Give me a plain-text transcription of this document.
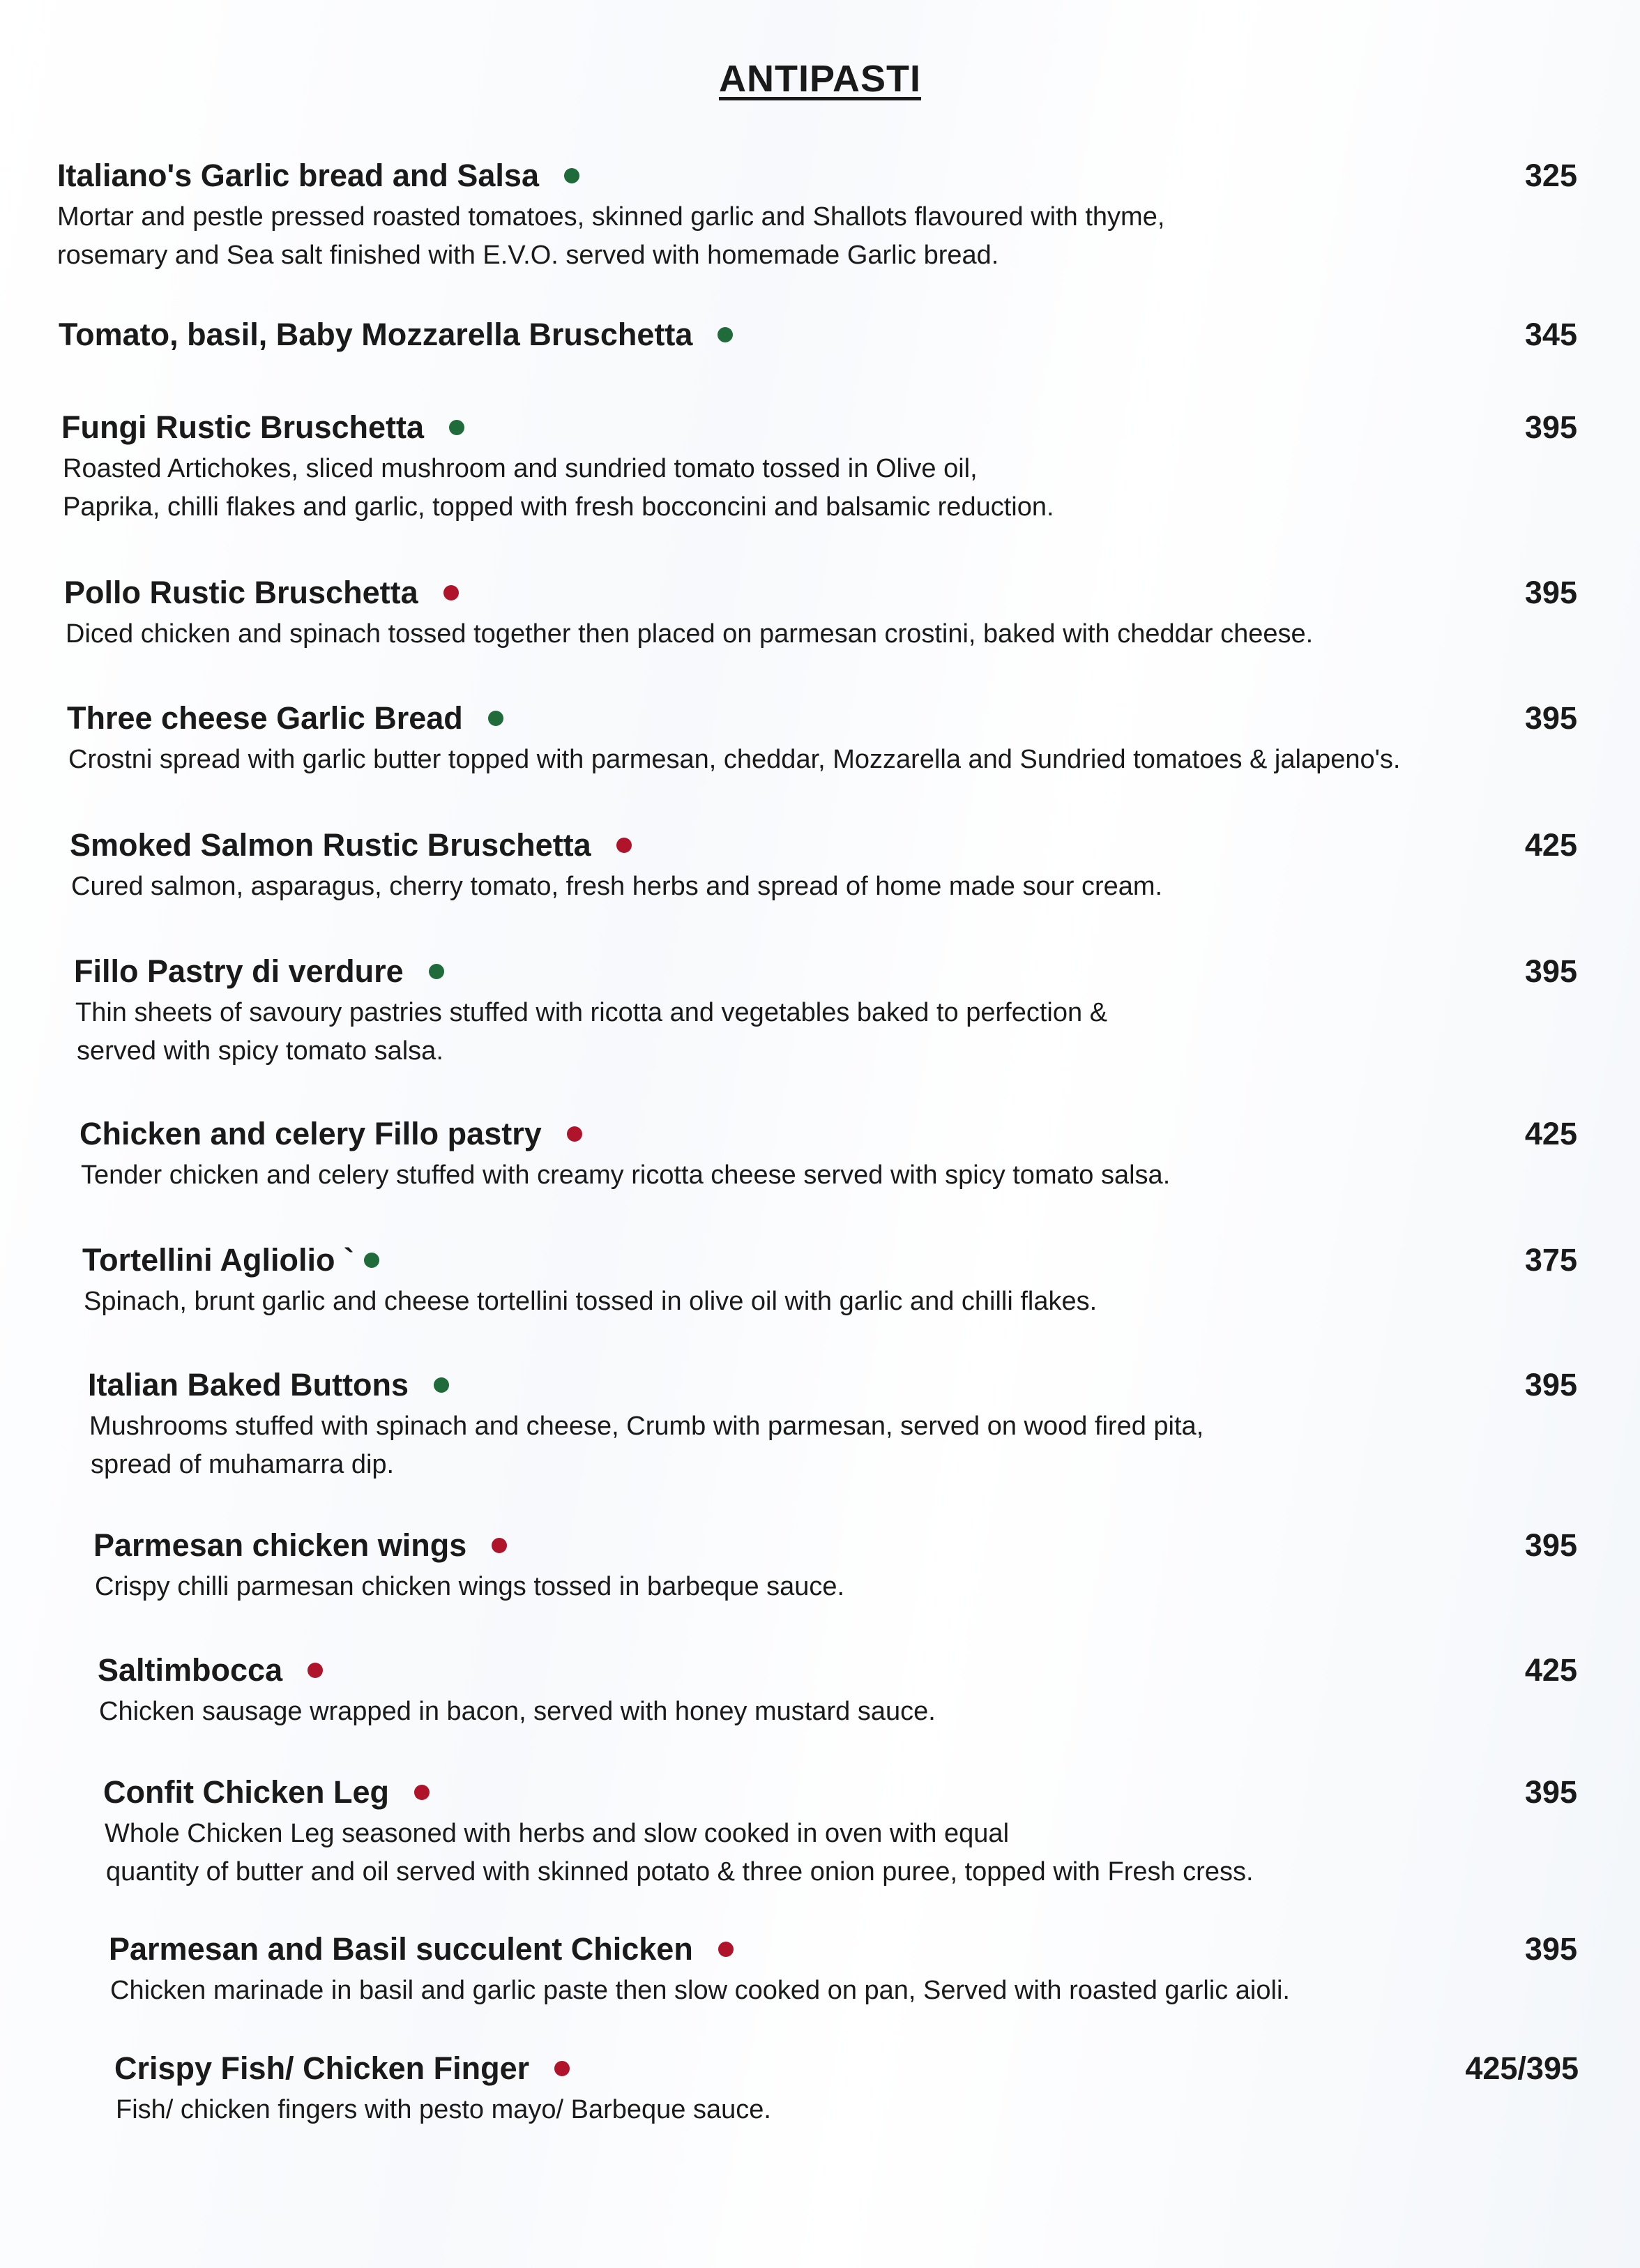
ANTIPASTI
Italiano's Garlic bread and Salsa	325
Mortar and pestle pressed roasted tomatoes, skinned garlic and Shallots flavoured with thyme,
rosemary and Sea salt finished with E.V.O. served with homemade Garlic bread.
Tomato, basil, Baby Mozzarella Bruschetta	345
Fungi Rustic Bruschetta	395
Roasted Artichokes, sliced mushroom and sundried tomato tossed in Olive oil,
Paprika, chilli flakes and garlic, topped with fresh bocconcini and balsamic reduction.
Pollo Rustic Bruschetta	395
Diced chicken and spinach tossed together then placed on parmesan crostini, baked with cheddar cheese.
Three cheese Garlic Bread	395
Crostni spread with garlic butter topped with parmesan, cheddar, Mozzarella and Sundried tomatoes & jalapeno's.
Smoked Salmon Rustic Bruschetta	425
Cured salmon, asparagus, cherry tomato, fresh herbs and spread of home made sour cream.
Fillo Pastry di verdure	395
Thin sheets of savoury pastries stuffed with ricotta and vegetables baked to perfection &
served with spicy tomato salsa.
Chicken and celery Fillo pastry	425
Tender chicken and celery stuffed with creamy ricotta cheese served with spicy tomato salsa.
Tortellini Agliolio `	375
Spinach, brunt garlic and cheese tortellini tossed in olive oil with garlic and chilli flakes.
Italian Baked Buttons	395
Mushrooms stuffed with spinach and cheese, Crumb with parmesan, served on wood fired pita,
spread of muhamarra dip.
Parmesan chicken wings	395
Crispy chilli parmesan chicken wings tossed in barbeque sauce.
Saltimbocca	425
Chicken sausage wrapped in bacon, served with honey mustard sauce.
Confit Chicken Leg	395
Whole Chicken Leg seasoned with herbs and slow cooked in oven with equal
quantity of butter and oil served with skinned potato & three onion puree, topped with Fresh cress.
Parmesan and Basil succulent Chicken	395
Chicken marinade in basil and garlic paste then slow cooked on pan, Served with roasted garlic aioli.
Crispy Fish/ Chicken Finger	425/395
Fish/ chicken fingers with pesto mayo/ Barbeque sauce.
